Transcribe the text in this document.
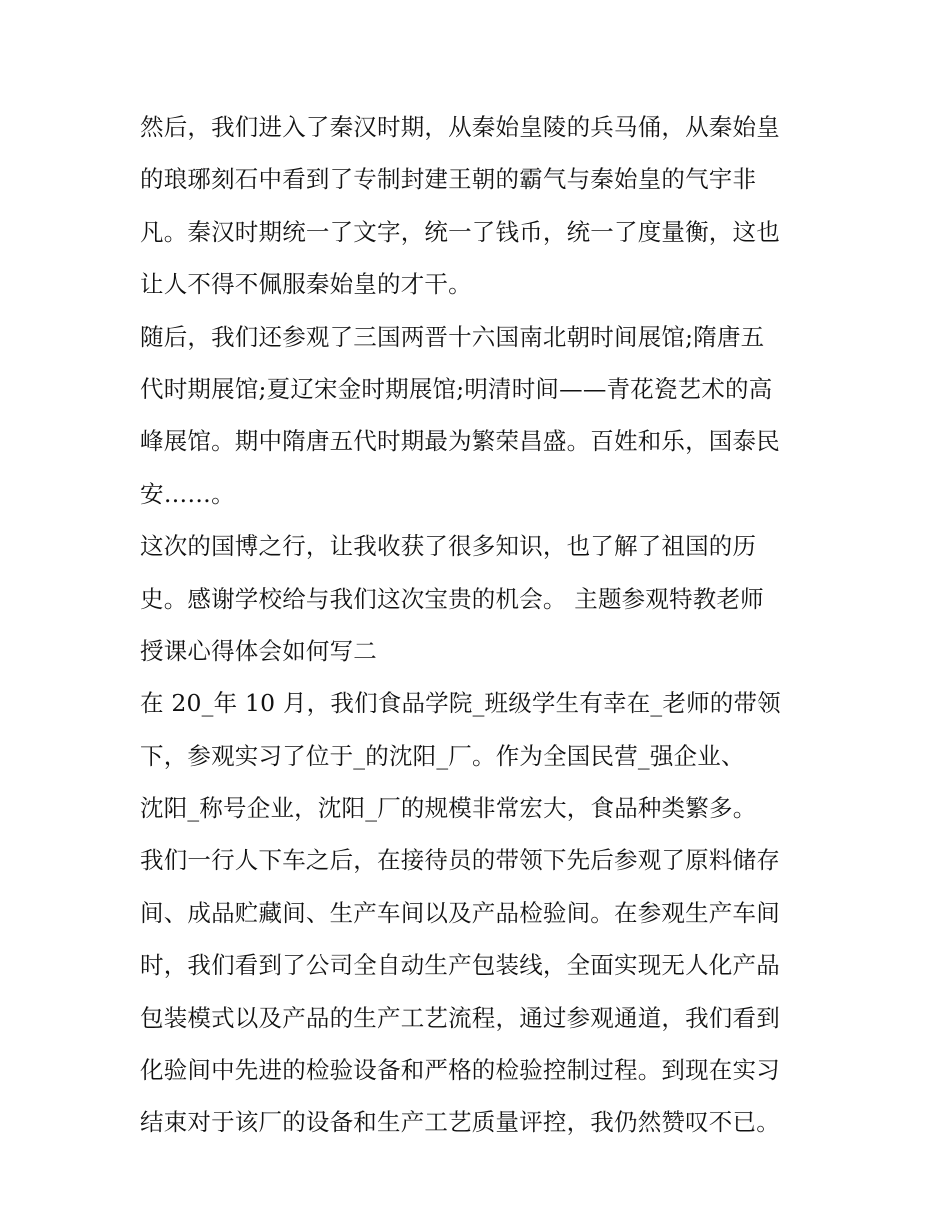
然后，我们进入了秦汉时期，从秦始皇陵的兵马俑，从秦始皇
的琅琊刻石中看到了专制封建王朝的霸气与秦始皇的气宇非
凡。秦汉时期统一了文字，统一了钱币，统一了度量衡，这也
让人不得不佩服秦始皇的才干。
随后，我们还参观了三国两晋十六国南北朝时间展馆;隋唐五
代时期展馆;夏辽宋金时期展馆;明清时间——青花瓷艺术的高
峰展馆。期中隋唐五代时期最为繁荣昌盛。百姓和乐，国泰民
安……。
这次的国博之行，让我收获了很多知识，也了解了祖国的历
史。感谢学校给与我们这次宝贵的机会。 主题参观特教老师
授课心得体会如何写二
在 20_年 10 月，我们食品学院_班级学生有幸在_老师的带领
下，参观实习了位于_的沈阳_厂。作为全国民营_强企业、
沈阳_称号企业，沈阳_厂的规模非常宏大，食品种类繁多。
我们一行人下车之后，在接待员的带领下先后参观了原料储存
间、成品贮藏间、生产车间以及产品检验间。在参观生产车间
时，我们看到了公司全自动生产包装线，全面实现无人化产品
包装模式以及产品的生产工艺流程，通过参观通道，我们看到
化验间中先进的检验设备和严格的检验控制过程。到现在实习
结束对于该厂的设备和生产工艺质量评控，我仍然赞叹不已。
